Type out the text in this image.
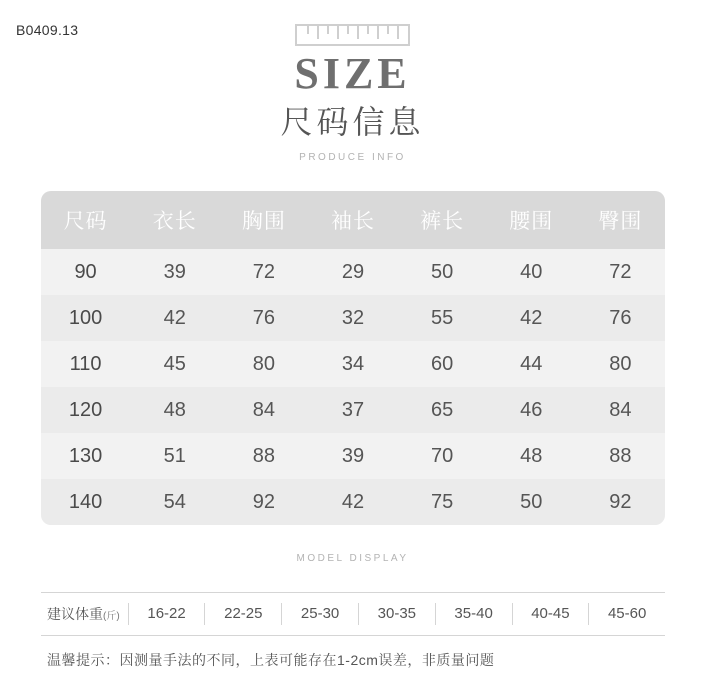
B0409.13
SIZE
尺码信息
PRODUCE INFO
尺码	衣长	胸围	袖长	裤长	腰围	臀围
90	39	72	29	50	40	72
100	42	76	32	55	42	76
110	45	80	34	60	44	80
120	48	84	37	65	46	84
130	51	88	39	70	48	88
140	54	92	42	75	50	92
MODEL DISPLAY
建议体重(斤)	16-22	22-25	25-30	30-35	35-40	40-45	45-60
温馨提示：因测量手法的不同，上表可能存在1-2cm误差，非质量问题
